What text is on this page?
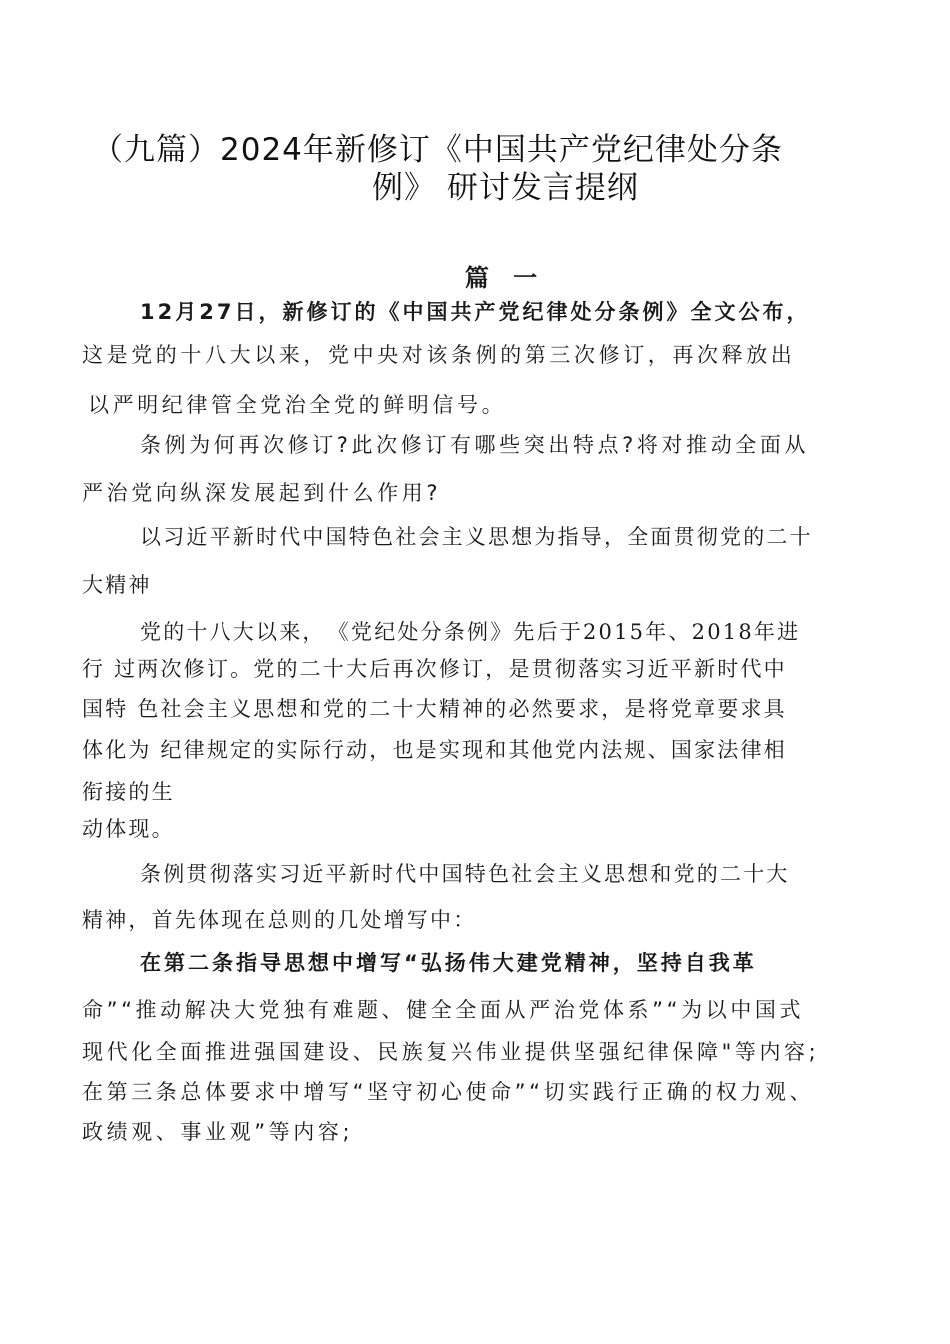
（九篇）2024年新修订《中国共产党纪律处分条
例》 研讨发言提纲
篇 一
12月27日，新修订的《中国共产党纪律处分条例》全文公布，
这是党的十八大以来，党中央对该条例的第三次修订，再次释放出
以严明纪律管全党治全党的鲜明信号。
条例为何再次修订?此次修订有哪些突出特点?将对推动全面从
严治党向纵深发展起到什么作用?
以习近平新时代中国特色社会主义思想为指导，全面贯彻党的二十
大精神
党的十八大以来，　《党纪处分条例》先后于2015年、2018年进
行 过两次修订。党的二十大后再次修订，是贯彻落实习近平新时代中
国特 色社会主义思想和党的二十大精神的必然要求，是将党章要求具
体化为 纪律规定的实际行动，也是实现和其他党内法规、国家法律相
衔接的生
动体现。
条例贯彻落实习近平新时代中国特色社会主义思想和党的二十大
精神，首先体现在总则的几处增写中：
在第二条指导思想中增写“弘扬伟大建党精神，坚持自我革
命”“推动解决大党独有难题、健全全面从严治党体系”“为以中国式
现代化全面推进强国建设、民族复兴伟业提供坚强纪律保障"等内容;
在第三条总体要求中增写“坚守初心使命”“切实践行正确的权力观、
政绩观、事业观”等内容;
